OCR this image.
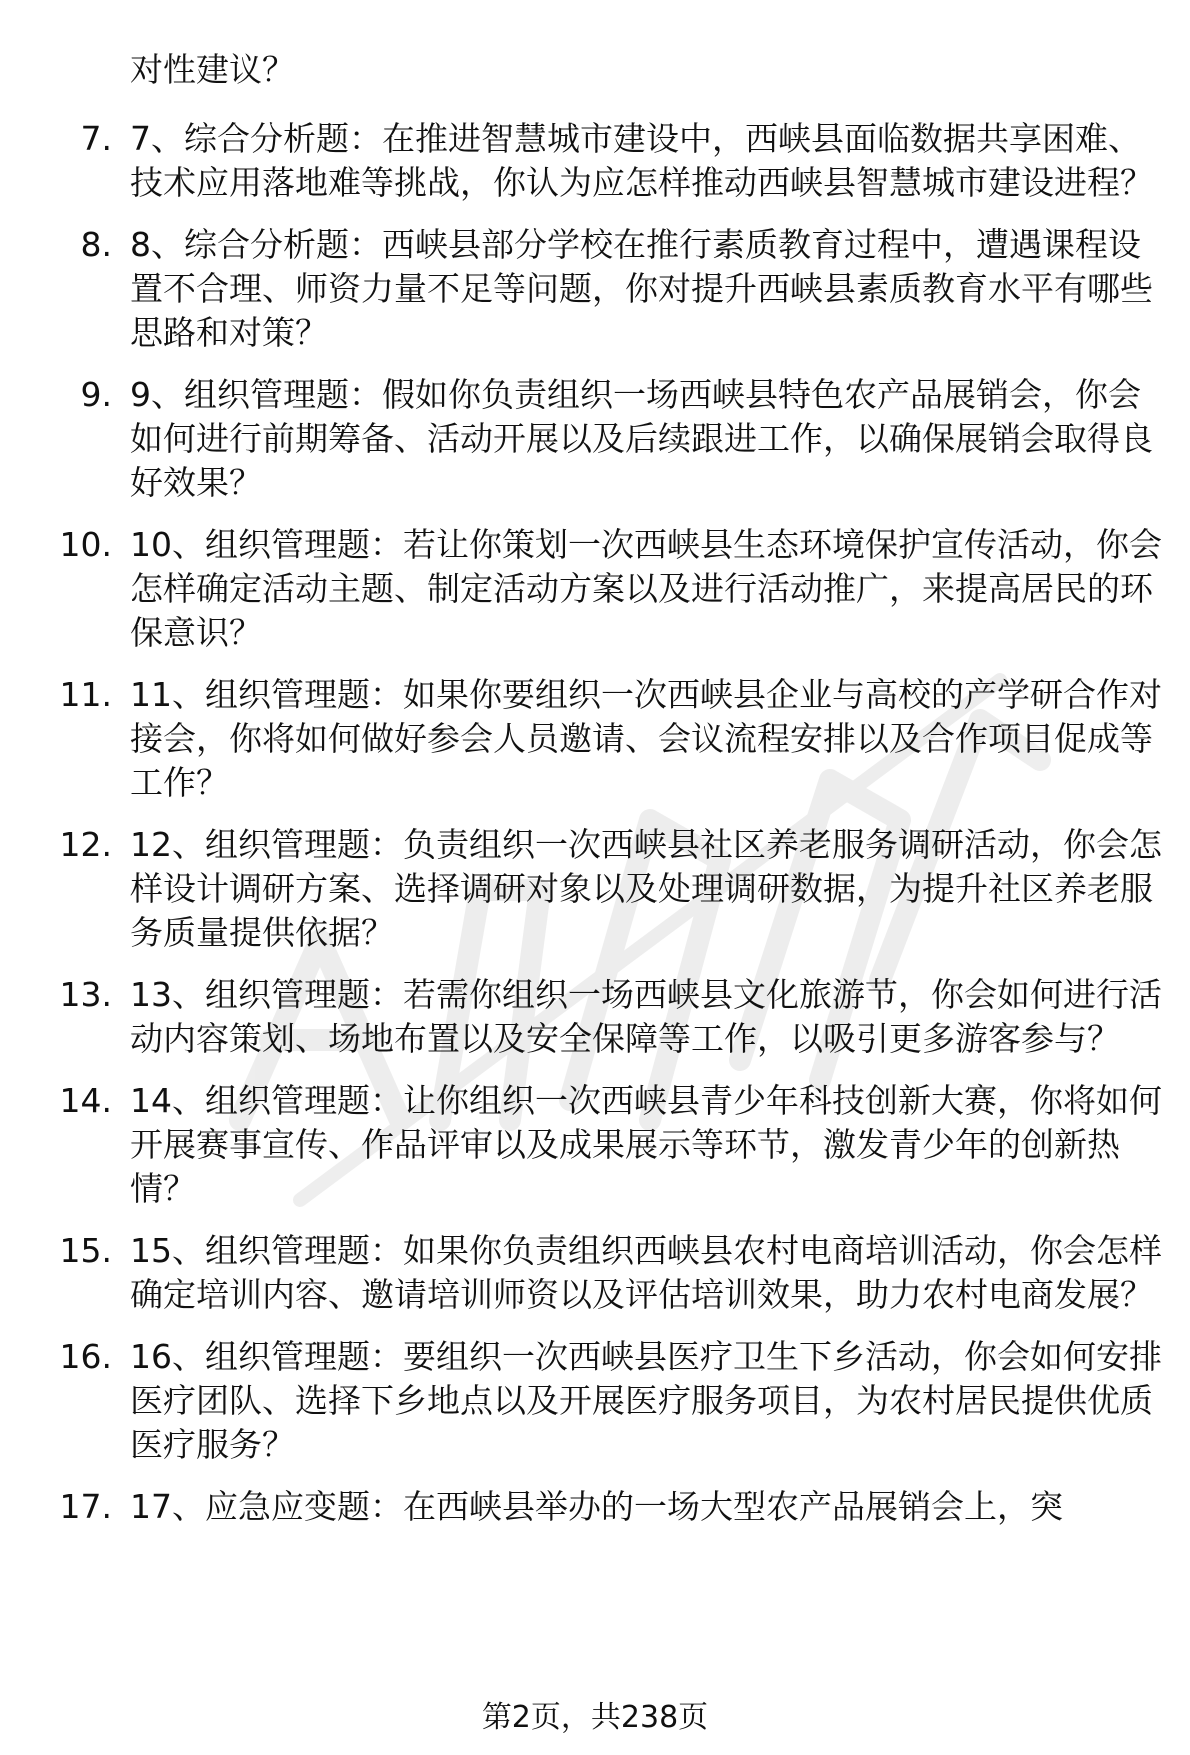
对性建议？

7. 7、综合分析题：在推进智慧城市建设中，西峡县面临数据共享困难、技术应用落地难等挑战，你认为应怎样推动西峡县智慧城市建设进程？
8. 8、综合分析题：西峡县部分学校在推行素质教育过程中，遭遇课程设置不合理、师资力量不足等问题，你对提升西峡县素质教育水平有哪些思路和对策？
9. 9、组织管理题：假如你负责组织一场西峡县特色农产品展销会，你会如何进行前期筹备、活动开展以及后续跟进工作，以确保展销会取得良好效果？
10. 10、组织管理题：若让你策划一次西峡县生态环境保护宣传活动，你会怎样确定活动主题、制定活动方案以及进行活动推广，来提高居民的环保意识？
11. 11、组织管理题：如果你要组织一次西峡县企业与高校的产学研合作对接会，你将如何做好参会人员邀请、会议流程安排以及合作项目促成等工作？
12. 12、组织管理题：负责组织一次西峡县社区养老服务调研活动，你会怎样设计调研方案、选择调研对象以及处理调研数据，为提升社区养老服务质量提供依据？
13. 13、组织管理题：若需你组织一场西峡县文化旅游节，你会如何进行活动内容策划、场地布置以及安全保障等工作，以吸引更多游客参与？
14. 14、组织管理题：让你组织一次西峡县青少年科技创新大赛，你将如何开展赛事宣传、作品评审以及成果展示等环节，激发青少年的创新热情？
15. 15、组织管理题：如果你负责组织西峡县农村电商培训活动，你会怎样确定培训内容、邀请培训师资以及评估培训效果，助力农村电商发展？
16. 16、组织管理题：要组织一次西峡县医疗卫生下乡活动，你会如何安排医疗团队、选择下乡地点以及开展医疗服务项目，为农村居民提供优质医疗服务？
17. 17、应急应变题：在西峡县举办的一场大型农产品展销会上，突
第2页，共238页
